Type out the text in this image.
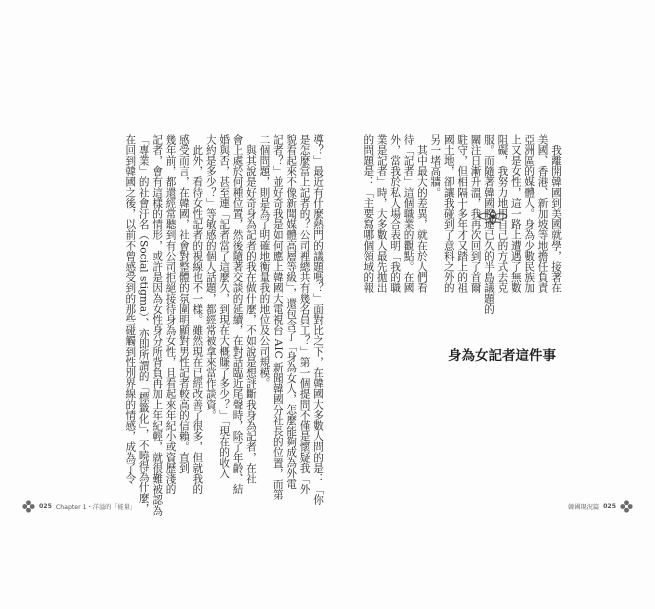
導？」最近有什麼熱門的議題嗎？」面對比之下，在韓國大多數人問的是：「你
是怎麼當上記者的？公司裡總共有幾名員工？」第一個提問不僅是懷疑我「外
貌看起來不像新聞媒體高層等級」，還包含了「身為女人，怎麼能夠成為外電
記者？」並好奇我是如何應上韓國大電視台 AIC 新聞韓國分社長的位置，而第
二個問題，則是為了明確地衡量我的地位及公司規模。
　與其說是好奇身為記者的我在做什麼，不如說是想評斷我身為記者，在社
會上處於何種位置，然後隨著交談的延續，在對話臨近尾聲時，除了年齡、結
婚與否，甚至連「記者當了這麼久，到現在大概賺了多少？」「現在的收入
大約是多少？」等敏感的個人話題，都經常被拿來當作談資。
　此外，看待女性記者的視線也不一樣。雖然現在已經改善了很多，但就我的
感受而言，在韓國，社會對整體的氛圍明顯對男性記者較高的信賴。直到
幾年前，都還經常聽到有公司拒絕接待身為女性，且看起來年紀小或資歷淺的
記者，會有這樣的情形，或許是因為女性身分所背負再加上年紀輕，就很難被認為
「專業」的社會汙名（Social stigma）、亦即所謂的「標籤化」，不曉得為什麼，
在回到韓國之後，以前不曾感受到的那些碰觸到性別界線的情感，成為了令	身為女記者這件事
　我離開韓國到美國就學，接著在
美國、香港、新加坡等地擔任負責
亞洲區的媒體人。身為少數民族加
上又是女性，這一路上遭遇了無數
阻礙，我努力地用自己的方式去克
服。而隨著韓國睽違已久的半島議題的
關注日漸升溫，我再次回到了首爾
駐守，但相隔十多年才又踏上的祖
國土地，卻讓我碰到了意料之外的
另一堵高牆。
　其中最大的差異，就在於人們看
待「記者」這個職業的觀點。在國
外，當我於私人場合表明「我的職
業是記者」時，大多數人最先拋出
的問題是：「主要寫哪個領域的報
025 Chapter 1・洋溢的「能量」	韓國現況篇 025
